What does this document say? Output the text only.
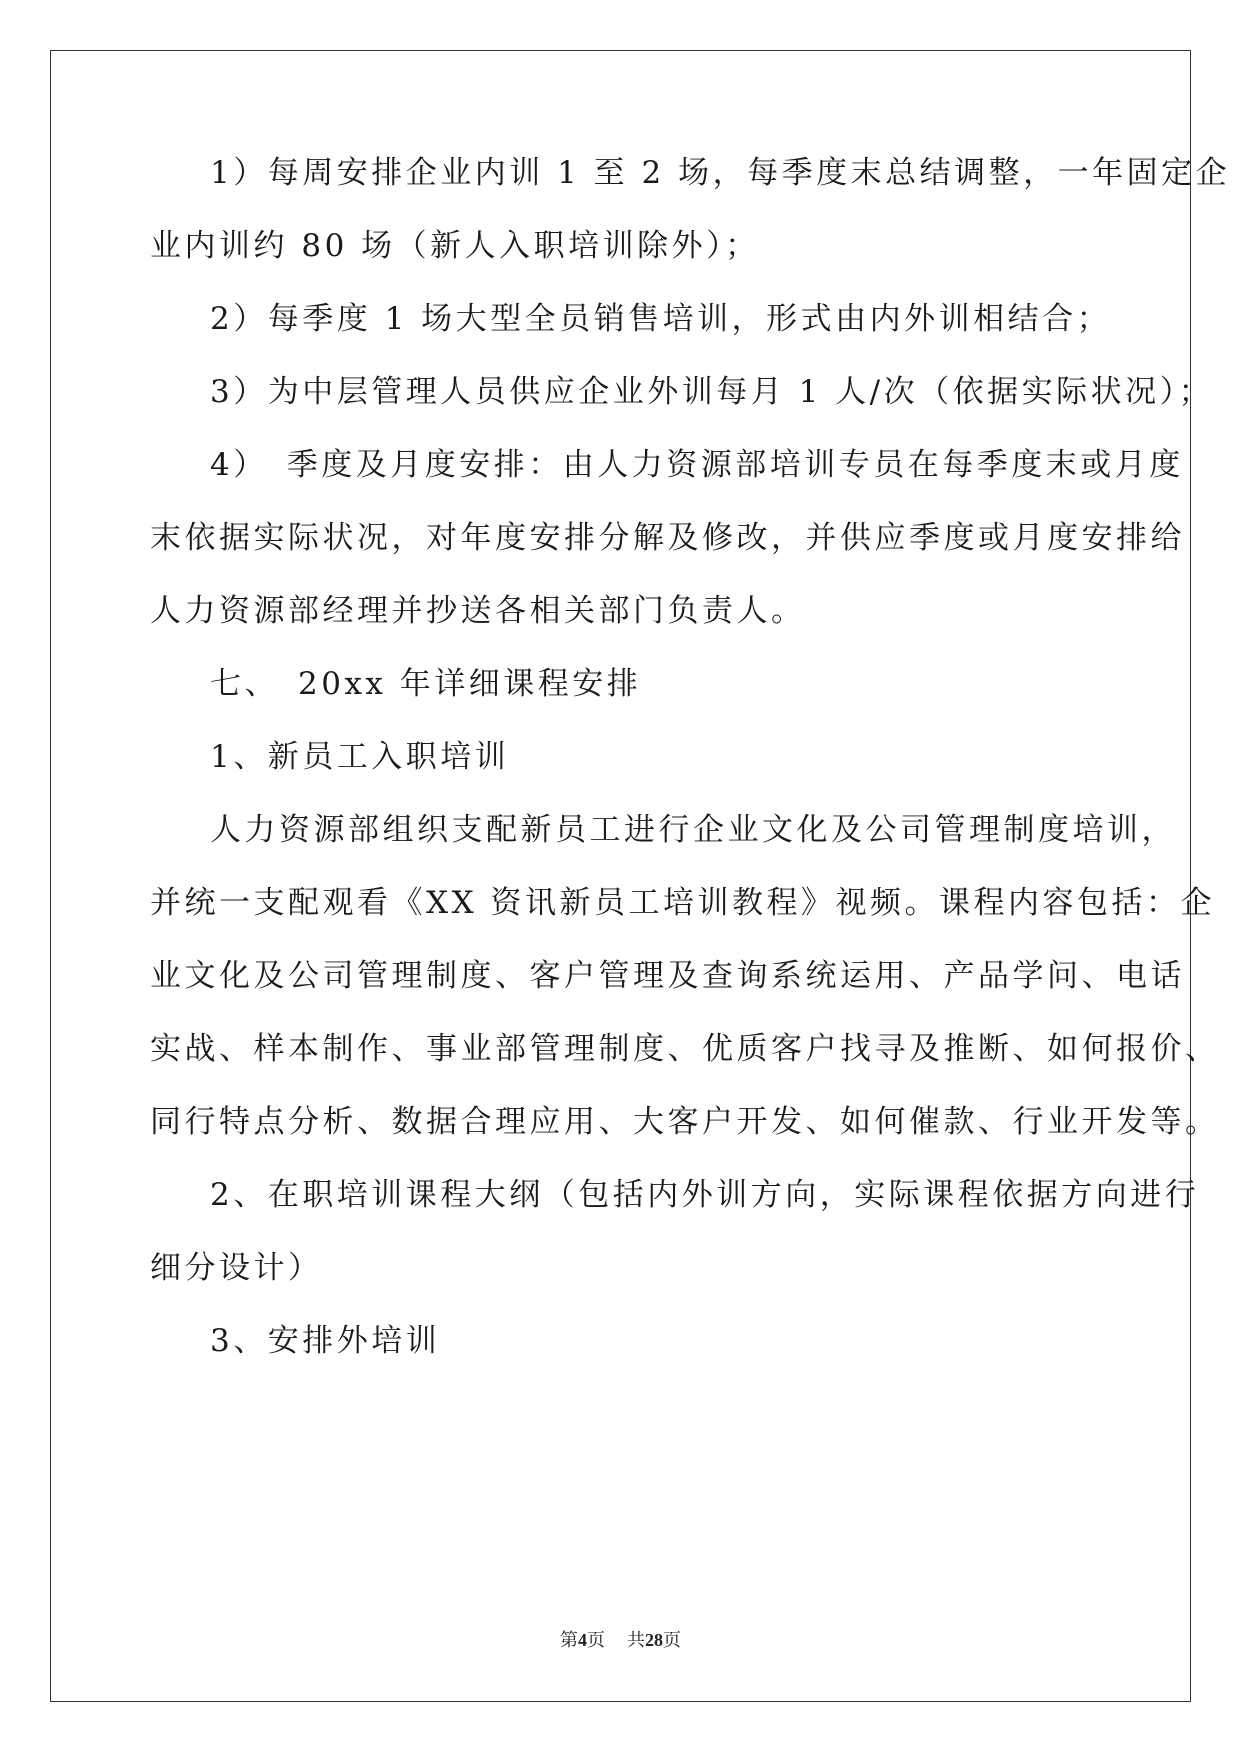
1）每周安排企业内训 1 至 2 场，每季度末总结调整，一年固定企
业内训约 80 场（新人入职培训除外）；
2）每季度 1 场大型全员销售培训，形式由内外训相结合；
3）为中层管理人员供应企业外训每月 1 人/次（依据实际状况）；
4）　季度及月度安排：由人力资源部培训专员在每季度末或月度
末依据实际状况，对年度安排分解及修改，并供应季度或月度安排给
人力资源部经理并抄送各相关部门负责人。
七、　20xx 年详细课程安排
1、新员工入职培训
人力资源部组织支配新员工进行企业文化及公司管理制度培训，
并统一支配观看《XX 资讯新员工培训教程》视频。课程内容包括：企
业文化及公司管理制度、客户管理及查询系统运用、产品学问、电话
实战、样本制作、事业部管理制度、优质客户找寻及推断、如何报价、
同行特点分析、数据合理应用、大客户开发、如何催款、行业开发等。
2、在职培训课程大纲（包括内外训方向，实际课程依据方向进行
细分设计）
3、安排外培训
第4页 共28页
